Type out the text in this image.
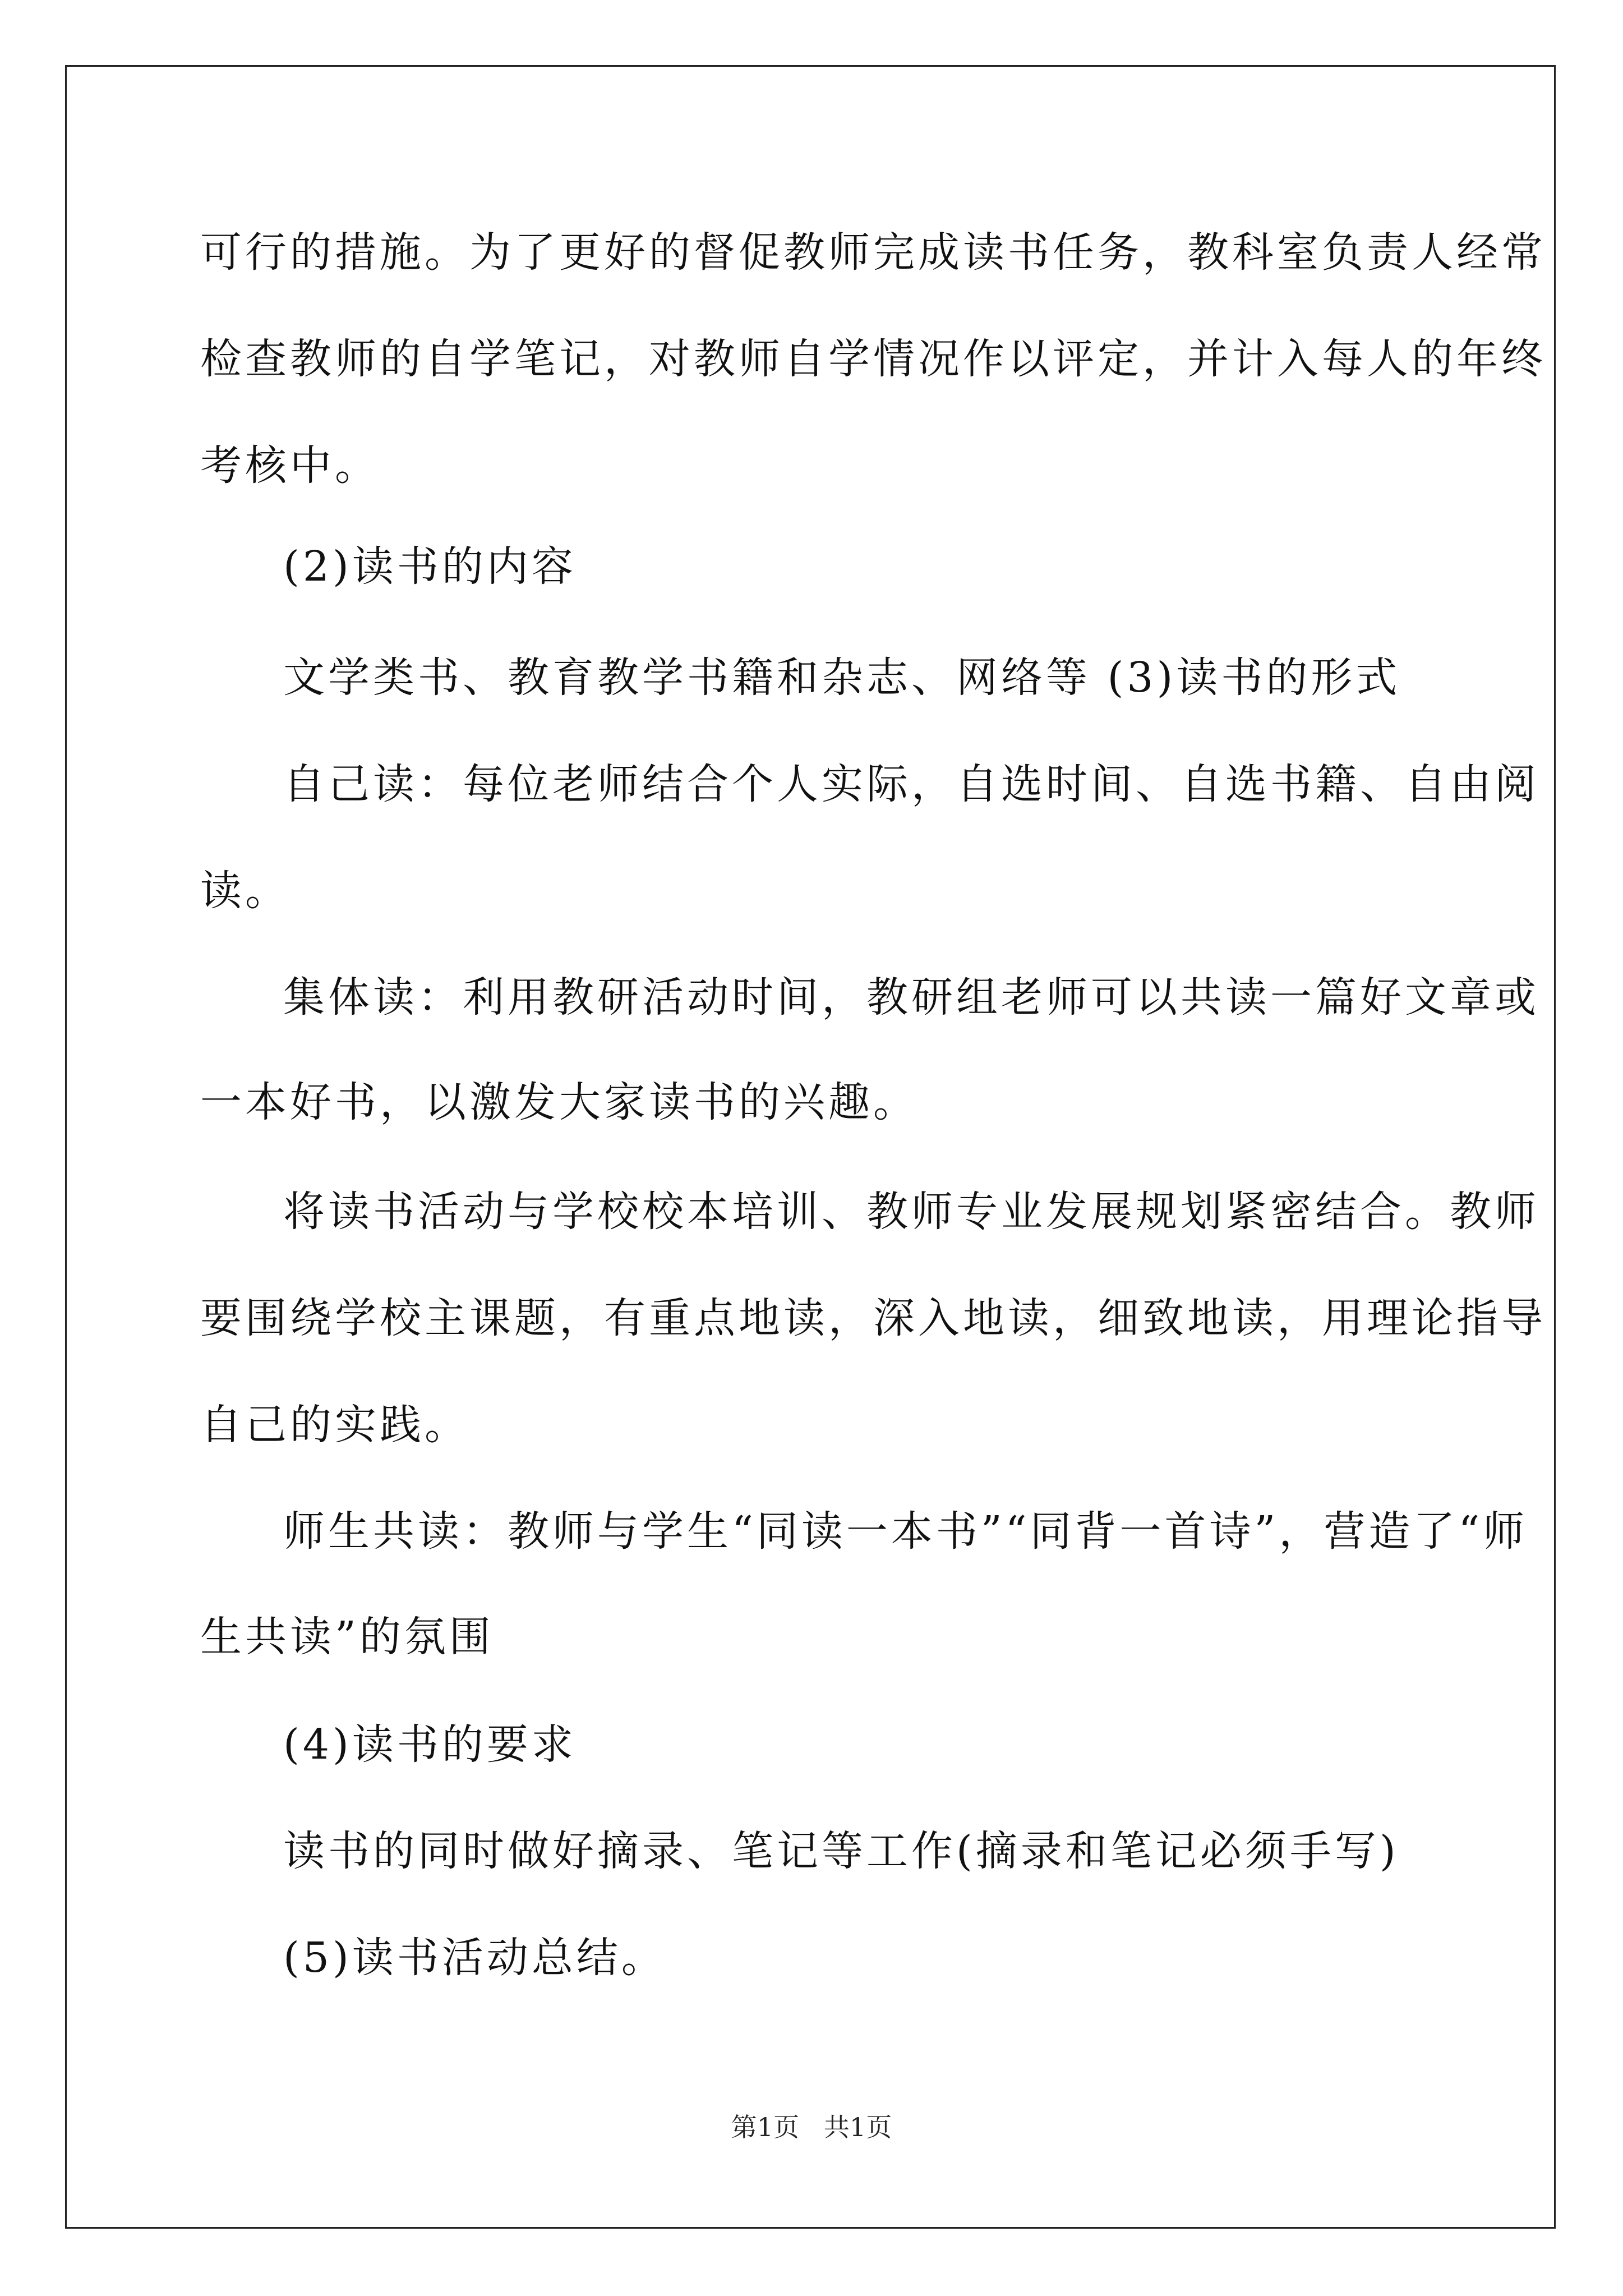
可行的措施。为了更好的督促教师完成读书任务，教科室负责人经常
检查教师的自学笔记，对教师自学情况作以评定，并计入每人的年终
考核中。
(2)读书的内容
文学类书、教育教学书籍和杂志、网络等 (3)读书的形式
自己读：每位老师结合个人实际，自选时间、自选书籍、自由阅
读。
集体读：利用教研活动时间，教研组老师可以共读一篇好文章或
一本好书，以激发大家读书的兴趣。
将读书活动与学校校本培训、教师专业发展规划紧密结合。教师
要围绕学校主课题，有重点地读，深入地读，细致地读，用理论指导
自己的实践。
师生共读：教师与学生“同读一本书”“同背一首诗”，营造了“师
生共读”的氛围
(4)读书的要求
读书的同时做好摘录、笔记等工作(摘录和笔记必须手写)
(5)读书活动总结。
第1页   共1页
